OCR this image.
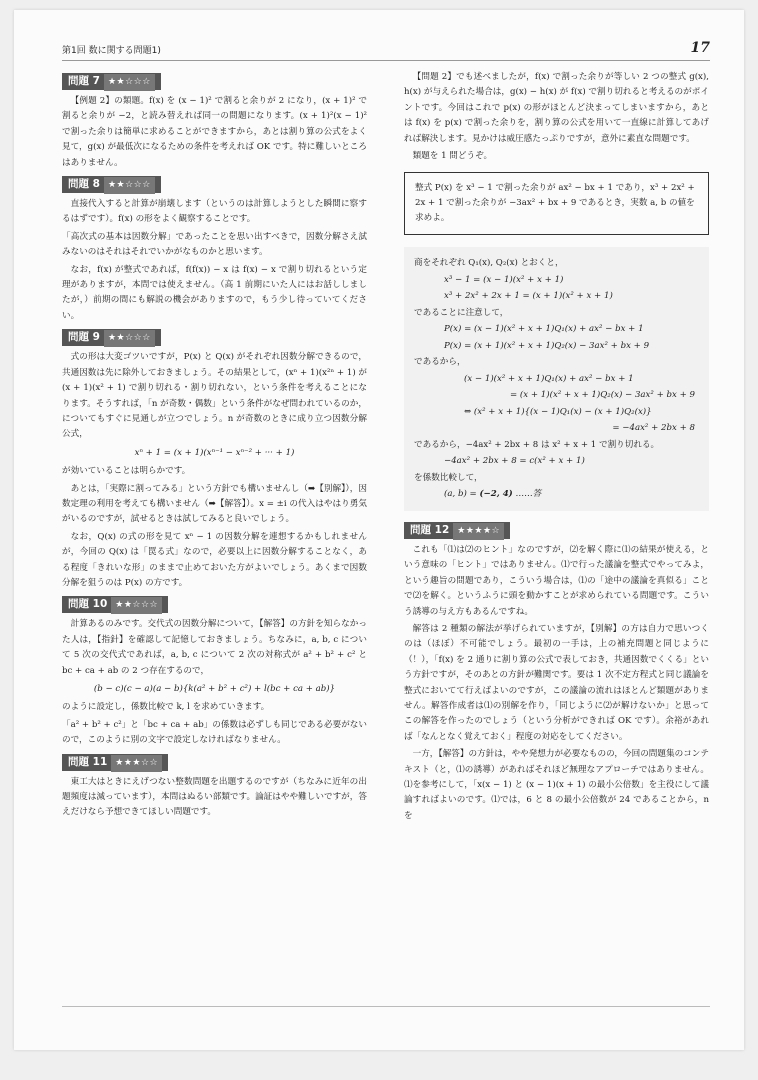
第1回 数に関する問題1)	17
問題 7 ★★☆☆☆

【例題 2】の類題。f(x) を (x − 1)² で割ると余りが 2 になり，(x + 1)² で割ると余りが −2，と読み替えれば同一の問題になります。(x + 1)²(x − 1)² で割った余りは簡単に求めることができますから，あとは割り算の公式をよく見て，g(x) が最低次になるための条件を考えれば OK です。特に難しいところはありません。

問題 8 ★★☆☆☆

直接代入すると計算が崩壊します（というのは計算しようとした瞬間に察するはずです）。f(x) の形をよく観察することです。

「高次式の基本は因数分解」であったことを思い出すべきで，因数分解さえ試みないのはそれはそれでいかがなものかと思います。

なお，f(x) が整式であれば，f(f(x)) − x は f(x) − x で割り切れるという定理がありますが，本問では使えません。（高 1 前期にいた人にはお話ししましたが，）前期の間にも解説の機会がありますので，もう少し待っていてください。

問題 9 ★★☆☆☆

式の形は大変ゴツいですが，P(x) と Q(x) がそれぞれ因数分解できるので，共通因数は先に除外しておきましょう。その結果として，(xⁿ + 1)(x²ⁿ + 1) が (x + 1)(x² + 1) で割り切れる・割り切れない，という条件を考えることになります。そうすれば，「n が奇数・偶数」という条件がなぜ問われているのか，についてもすぐに見通しが立つでしょう。n が奇数のときに成り立つ因数分解公式，

xⁿ + 1 = (x + 1)(xⁿ⁻¹ − xⁿ⁻² + ··· + 1)

が効いていることは明らかです。

あとは，「実際に割ってみる」という方針でも構いませんし（➡【別解】），因数定理の利用を考えても構いません（➡【解答】）。x = ±i の代入はやはり勇気がいるのですが，試せるときは試してみると良いでしょう。

なお，Q(x) の式の形を見て xⁿ − 1 の因数分解を連想するかもしれませんが，今回の Q(x) は「罠る式」なので，必要以上に因数分解することなく，ある程度「きれいな形」のままで止めておいた方がよいでしょう。あくまで因数分解を狙うのは P(x) の方です。

問題 10 ★★☆☆☆

計算あるのみです。交代式の因数分解について，【解答】の方針を知らなかった人は，【指針】を確認して記憶しておきましょう。ちなみに，a, b, c について 5 次の交代式であれば，a, b, c について 2 次の対称式が a² + b² + c² と bc + ca + ab の 2 つ存在するので，

(b − c)(c − a)(a − b){k(a² + b² + c²) + l(bc + ca + ab)}

のように設定し，係数比較で k, l を求めていきます。

「a² + b² + c²」と「bc + ca + ab」の係数は必ずしも同じである必要がないので，このように別の文字で設定しなければなりません。

問題 11 ★★★☆☆

東工大はときにえげつない整数問題を出題するのですが（ちなみに近年の出題頻度は減っています），本問はぬるい部類です。論証はやや難しいですが，答えだけなら予想できてほしい問題です。

【問題 2】でも述べましたが，f(x) で割った余りが等しい 2 つの整式 g(x), h(x) が与えられた場合は，g(x) − h(x) が f(x) で割り切れると考えるのがポイントです。今回はこれで p(x) の形がほとんど決まってしまいますから，あとは f(x) を p(x) で割った余りを，割り算の公式を用いて一直線に計算してあげれば解決します。見かけは威圧感たっぷりですが，意外に素直な問題です。

類題を 1 問どうぞ。

整式 P(x) を x³ − 1 で割った余りが ax² − bx + 1 であり，x³ + 2x² + 2x + 1 で割った余りが −3ax² + bx + 9 であるとき，実数 a, b の値を求めよ。
商をそれぞれ Q₁(x), Q₂(x) とおくと，
x³ − 1 = (x − 1)(x² + x + 1)
x³ + 2x² + 2x + 1 = (x + 1)(x² + x + 1)
であることに注意して，
P(x) = (x − 1)(x² + x + 1)Q₁(x) + ax² − bx + 1
P(x) = (x + 1)(x² + x + 1)Q₂(x) − 3ax² + bx + 9
であるから，
(x − 1)(x² + x + 1)Q₁(x) + ax² − bx + 1
= (x + 1)(x² + x + 1)Q₂(x) − 3ax² + bx + 9
⇔ (x² + x + 1){(x − 1)Q₁(x) − (x + 1)Q₂(x)}
= −4ax² + 2bx + 8
であるから，−4ax² + 2bx + 8 は x² + x + 1 で割り切れる。
−4ax² + 2bx + 8 = c(x² + x + 1)
を係数比較して，
(a, b) = (−2, 4) ……答
問題 12 ★★★★☆

これも「⑴は⑵のヒント」なのですが，⑵を解く際に⑴の結果が使える，という意味の「ヒント」ではありません。⑴で行った議論を整式でやってみよ，という趣旨の問題であり，こういう場合は，⑴の「途中の議論を真似る」ことで⑵を解く。というふうに頭を動かすことが求められている問題です。こういう誘導の与え方もあるんですね。

解答は 2 種類の解法が挙げられていますが，【別解】の方は自力で思いつくのは（ほぼ）不可能でしょう。最初の一手は，上の補充問題と同じように（！），「f(x) を 2 通りに割り算の公式で表しておき，共通因数でくくる」という方針ですが，そのあとの方針が難関です。要は 1 次不定方程式と同じ議論を整式においてて行えばよいのですが，この議論の流れはほとんど類題がありません。解答作成者は⑴の別解を作り，「同じように⑵が解けないか」と思ってこの解答を作ったのでしょう（という分析ができれば OK です）。余裕があれば「なんとなく覚えておく」程度の対応をしてください。

一方，【解答】の方針は，やや発想力が必要なものの，今回の問題集のコンテキスト（と，⑴の誘導）があればそれほど無理なアプローチではありません。⑴を参考にして，「x(x − 1) と (x − 1)(x + 1) の最小公倍数」を主役にして議論すればよいのです。⑴では，6 と 8 の最小公倍数が 24 であることから，n を
